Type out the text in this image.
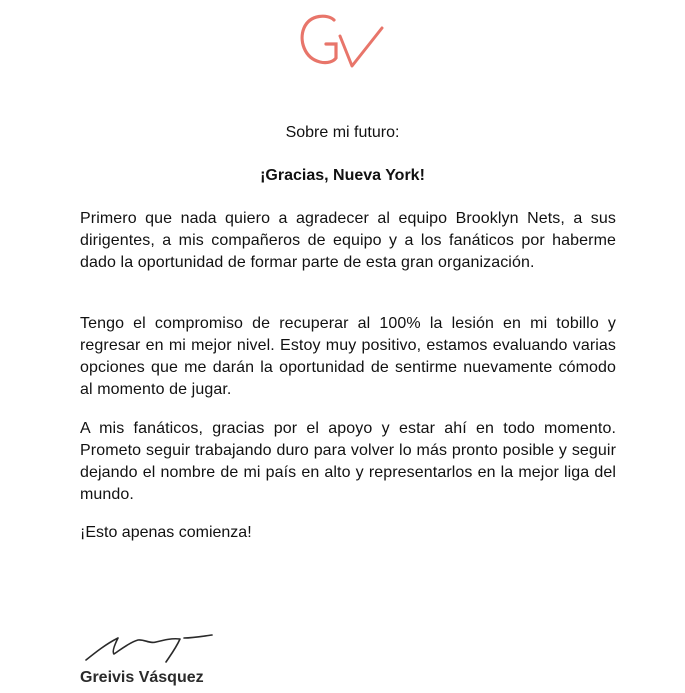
Sobre mi futuro:
¡Gracias, Nueva York!

Primero que nada quiero a agradecer al equipo Brooklyn Nets, a sus dirigentes, a mis compañeros de equipo y a los fanáticos por haberme dado la oportunidad de formar parte de esta gran organización.

Tengo el compromiso de recuperar al 100% la lesión en mi tobillo y regresar en mi mejor nivel. Estoy muy positivo, estamos evaluando varias opciones que me darán la oportunidad de sentirme nuevamente cómodo al momento de jugar.

A mis fanáticos, gracias por el apoyo y estar ahí en todo momento. Prometo seguir trabajando duro para volver lo más pronto posible y seguir dejando el nombre de mi país en alto y representarlos en la mejor liga del mundo.

¡Esto apenas comienza!
Greivis Vásquez
